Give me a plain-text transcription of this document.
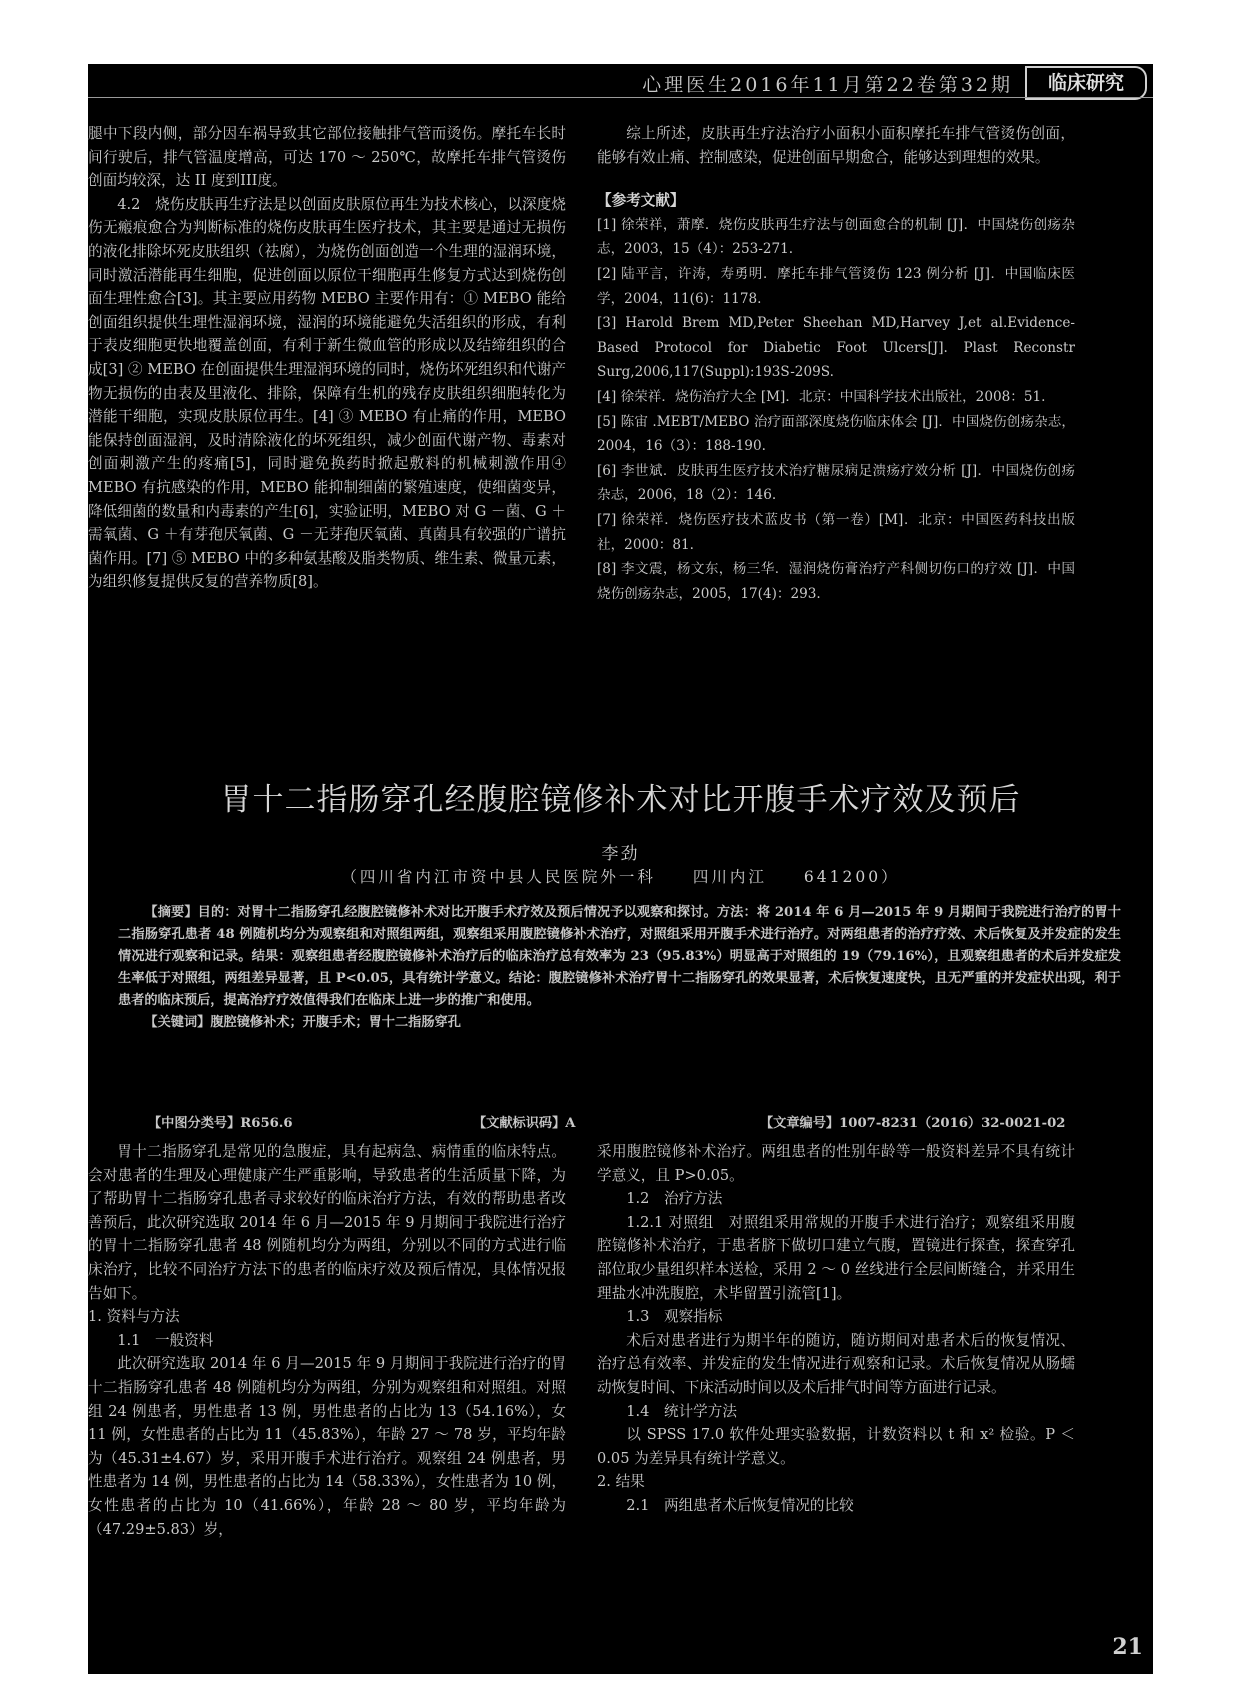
心理医生2016年11月第22卷第32期	临床研究

腿中下段内侧，部分因车祸导致其它部位接触排气管而烫伤。摩托车长时间行驶后，排气管温度增高，可达 170 ～ 250℃，故摩托车排气管烫伤创面均较深，达 II 度到III度。

4.2　烧伤皮肤再生疗法是以创面皮肤原位再生为技术核心，以深度烧伤无瘢痕愈合为判断标准的烧伤皮肤再生医疗技术，其主要是通过无损伤的液化排除坏死皮肤组织（祛腐），为烧伤创面创造一个生理的湿润环境，同时激活潜能再生细胞，促进创面以原位干细胞再生修复方式达到烧伤创面生理性愈合[3]。其主要应用药物 MEBO 主要作用有：① MEBO 能给创面组织提供生理性湿润环境，湿润的环境能避免失活组织的形成，有利于表皮细胞更快地覆盖创面，有利于新生微血管的形成以及结缔组织的合成[3] ② MEBO 在创面提供生理湿润环境的同时，烧伤坏死组织和代谢产物无损伤的由表及里液化、排除，保障有生机的残存皮肤组织细胞转化为潜能干细胞，实现皮肤原位再生。[4] ③ MEBO 有止痛的作用，MEBO 能保持创面湿润，及时清除液化的坏死组织，减少创面代谢产物、毒素对创面刺激产生的疼痛[5]，同时避免换药时掀起敷料的机械刺激作用④ MEBO 有抗感染的作用，MEBO 能抑制细菌的繁殖速度，使细菌变异，降低细菌的数量和内毒素的产生[6]，实验证明，MEBO 对 G －菌、G ＋需氧菌、G ＋有芽孢厌氧菌、G －无芽孢厌氧菌、真菌具有较强的广谱抗菌作用。[7] ⑤ MEBO 中的多种氨基酸及脂类物质、维生素、微量元素，为组织修复提供反复的营养物质[8]。

综上所述，皮肤再生疗法治疗小面积小面积摩托车排气管烫伤创面，能够有效止痛、控制感染，促进创面早期愈合，能够达到理想的效果。

【参考文献】

[1] 徐荣祥，萧摩．烧伤皮肤再生疗法与创面愈合的机制 [J]．中国烧伤创疡杂志，2003，15（4）：253-271.

[2] 陆平言，许涛，寿勇明．摩托车排气管烫伤 123 例分析 [J]．中国临床医学，2004，11(6)：1178.

[3] Harold Brem MD,Peter Sheehan MD,Harvey J,et al.Evidence-Based Protocol for Diabetic Foot Ulcers[J]. Plast Reconstr Surg,2006,117(Suppl):193S-209S.

[4] 徐荣祥．烧伤治疗大全 [M]．北京：中国科学技术出版社，2008：51.

[5] 陈宙 .MEBT/MEBO 治疗面部深度烧伤临床体会 [J]．中国烧伤创疡杂志，2004，16（3）：188-190.

[6] 李世斌．皮肤再生医疗技术治疗糖尿病足溃疡疗效分析 [J]．中国烧伤创疡杂志，2006，18（2）：146.

[7] 徐荣祥．烧伤医疗技术蓝皮书（第一卷）[M]．北京：中国医药科技出版社，2000：81.

[8] 李文震，杨文东，杨三华．湿润烧伤膏治疗产科侧切伤口的疗效 [J]．中国烧伤创疡杂志，2005，17(4)：293.

胃十二指肠穿孔经腹腔镜修补术对比开腹手术疗效及预后
李劲
（四川省内江市资中县人民医院外一科　　四川内江　　641200）

【摘要】目的：对胃十二指肠穿孔经腹腔镜修补术对比开腹手术疗效及预后情况予以观察和探讨。方法：将 2014 年 6 月—2015 年 9 月期间于我院进行治疗的胃十二指肠穿孔患者 48 例随机均分为观察组和对照组两组，观察组采用腹腔镜修补术治疗，对照组采用开腹手术进行治疗。对两组患者的治疗疗效、术后恢复及并发症的发生情况进行观察和记录。结果：观察组患者经腹腔镜修补术治疗后的临床治疗总有效率为 23（95.83%）明显高于对照组的 19（79.16%），且观察组患者的术后并发症发生率低于对照组，两组差异显著，且 P<0.05，具有统计学意义。结论：腹腔镜修补术治疗胃十二指肠穿孔的效果显著，术后恢复速度快，且无严重的并发症状出现，利于患者的临床预后，提高治疗疗效值得我们在临床上进一步的推广和使用。

【关键词】腹腔镜修补术；开腹手术；胃十二指肠穿孔

【中图分类号】R656.6	【文献标识码】A	【文章编号】1007-8231（2016）32-0021-02

胃十二指肠穿孔是常见的急腹症，具有起病急、病情重的临床特点。会对患者的生理及心理健康产生严重影响，导致患者的生活质量下降，为了帮助胃十二指肠穿孔患者寻求较好的临床治疗方法，有效的帮助患者改善预后，此次研究选取 2014 年 6 月—2015 年 9 月期间于我院进行治疗的胃十二指肠穿孔患者 48 例随机均分为两组，分别以不同的方式进行临床治疗，比较不同治疗方法下的患者的临床疗效及预后情况，具体情况报告如下。

1. 资料与方法

1.1　一般资料

此次研究选取 2014 年 6 月—2015 年 9 月期间于我院进行治疗的胃十二指肠穿孔患者 48 例随机均分为两组，分别为观察组和对照组。对照组 24 例患者，男性患者 13 例，男性患者的占比为 13（54.16%），女 11 例，女性患者的占比为 11（45.83%），年龄 27 ～ 78 岁，平均年龄为（45.31±4.67）岁，采用开腹手术进行治疗。观察组 24 例患者，男性患者为 14 例，男性患者的占比为 14（58.33%），女性患者为 10 例，女性患者的占比为 10（41.66%），年龄 28 ～ 80 岁，平均年龄为（47.29±5.83）岁，

采用腹腔镜修补术治疗。两组患者的性别年龄等一般资料差异不具有统计学意义，且 P>0.05。

1.2　治疗方法

1.2.1 对照组　对照组采用常规的开腹手术进行治疗；观察组采用腹腔镜修补术治疗，于患者脐下做切口建立气腹，置镜进行探查，探查穿孔部位取少量组织样本送检，采用 2 ～ 0 丝线进行全层间断缝合，并采用生理盐水冲洗腹腔，术毕留置引流管[1]。

1.3　观察指标

术后对患者进行为期半年的随访，随访期间对患者术后的恢复情况、治疗总有效率、并发症的发生情况进行观察和记录。术后恢复情况从肠蠕动恢复时间、下床活动时间以及术后排气时间等方面进行记录。

1.4　统计学方法

以 SPSS 17.0 软件处理实验数据，计数资料以 t 和 x² 检验。P ＜ 0.05 为差异具有统计学意义。

2. 结果

2.1　两组患者术后恢复情况的比较

21
